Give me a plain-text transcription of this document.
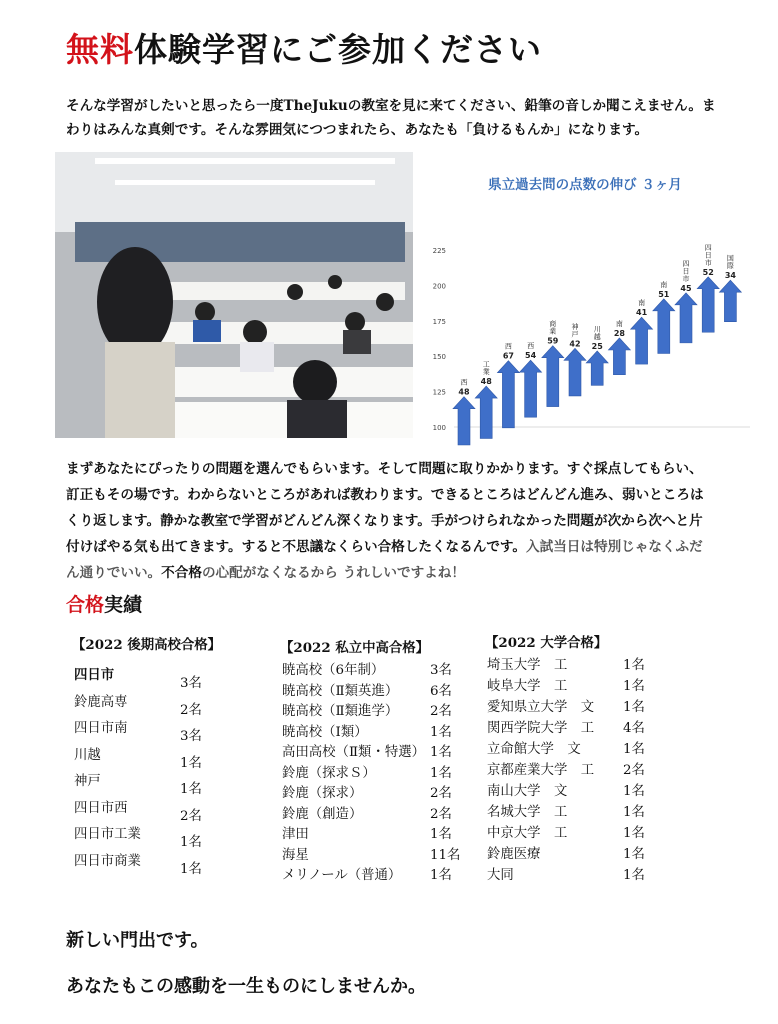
無料体験学習にご参加ください
そんな学習がしたいと思ったら一度TheJukuの教室を見に来てください、鉛筆の音しか聞こえません。まわりはみんな真剣です。そんな雰囲気につつまれたら、あなたも「負けるもんか」になります。
県立過去問の点数の伸び ３ヶ月
225
200
175
150
125
100
西
48
工
業
48
西
67
西
54
商
業
59
神
戸
42
川
越
25
南
28
南
41
南
51
四
日
市
45
四
日
市
52
国
際
34
まずあなたにぴったりの問題を選んでもらいます。そして問題に取りかかります。すぐ採点してもらい、訂正もその場です。わからないところがあれば教わります。できるところはどんどん進み、弱いところはくり返します。静かな教室で学習がどんどん深くなります。手がつけられなかった問題が次から次へと片付けばやる気も出てきます。すると不思議なくらい合格したくなるんです。入試当日は特別じゃなくふだん通りでいい。不合格の心配がなくなるから うれしいですよね！
合格実績
【2022 後期高校合格】
四日市
3名
鈴鹿高専
2名
四日市南
3名
川越
1名
神戸
1名
四日市西
2名
四日市工業
1名
四日市商業
1名
【2022 私立中高合格】
暁高校（6年制）	3名
暁高校（Ⅱ類英進） 6名
暁高校（Ⅱ類進学） 2名
暁高校（Ⅰ類）	1名
高田高校（Ⅱ類・特選） 1名
鈴鹿（探求Ｓ）	1名
鈴鹿（探求）	2名
鈴鹿（創造）	2名
津田	1名
海星	11名
メリノール（普通） 1名
【2022 大学合格】
埼玉大学　工	1名
岐阜大学　工	1名
愛知県立大学　文 1名
関西学院大学　工 4名
立命館大学　文	1名
京都産業大学　工 2名
南山大学　文	1名
名城大学　工	1名
中京大学　工	1名
鈴鹿医療	1名
大同	1名
新しい門出です。
あなたもこの感動を一生ものにしませんか。
